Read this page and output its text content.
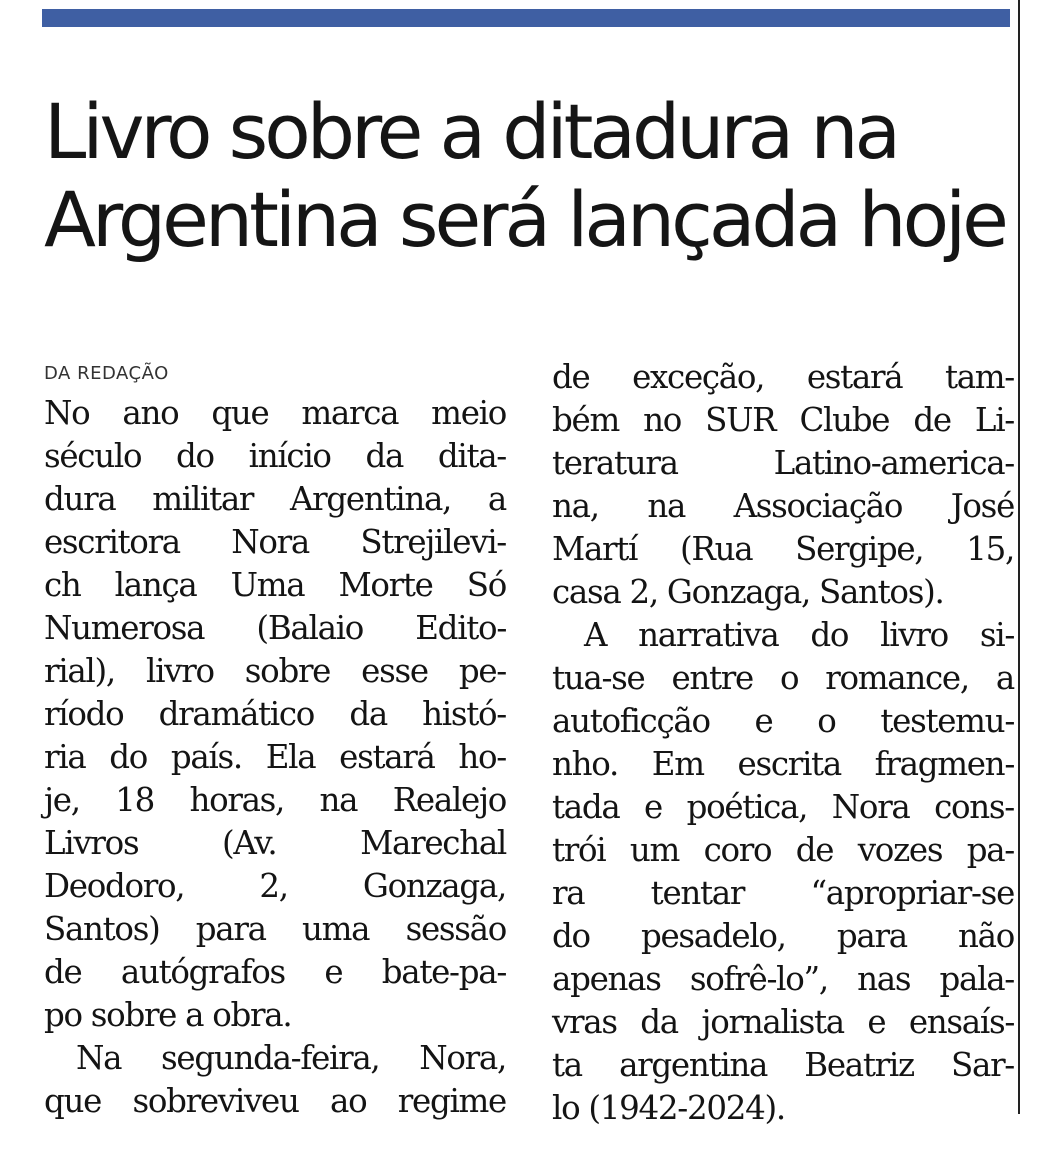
Livro sobre a ditadura na
Argentina será lançada hoje
DA REDAÇÃO
No ano que marca meio
século do início da dita-
dura militar Argentina, a
escritora Nora Strejilevi-
ch lança Uma Morte Só
Numerosa (Balaio Edito-
rial), livro sobre esse pe-
ríodo dramático da histó-
ria do país. Ela estará ho-
je, 18 horas, na Realejo
Livros (Av. Marechal
Deodoro, 2, Gonzaga,
Santos) para uma sessão
de autógrafos e bate-pa-
po sobre a obra.
Na segunda-feira, Nora,
que sobreviveu ao regime
de exceção, estará tam-
bém no SUR Clube de Li-
teratura Latino-america-
na, na Associação José
Martí (Rua Sergipe, 15,
casa 2, Gonzaga, Santos).
A narrativa do livro si-
tua-se entre o romance, a
autoficção e o testemu-
nho. Em escrita fragmen-
tada e poética, Nora cons-
trói um coro de vozes pa-
ra tentar “apropriar-se
do pesadelo, para não
apenas sofrê-lo”, nas pala-
vras da jornalista e ensaís-
ta argentina Beatriz Sar-
lo (1942-2024).
